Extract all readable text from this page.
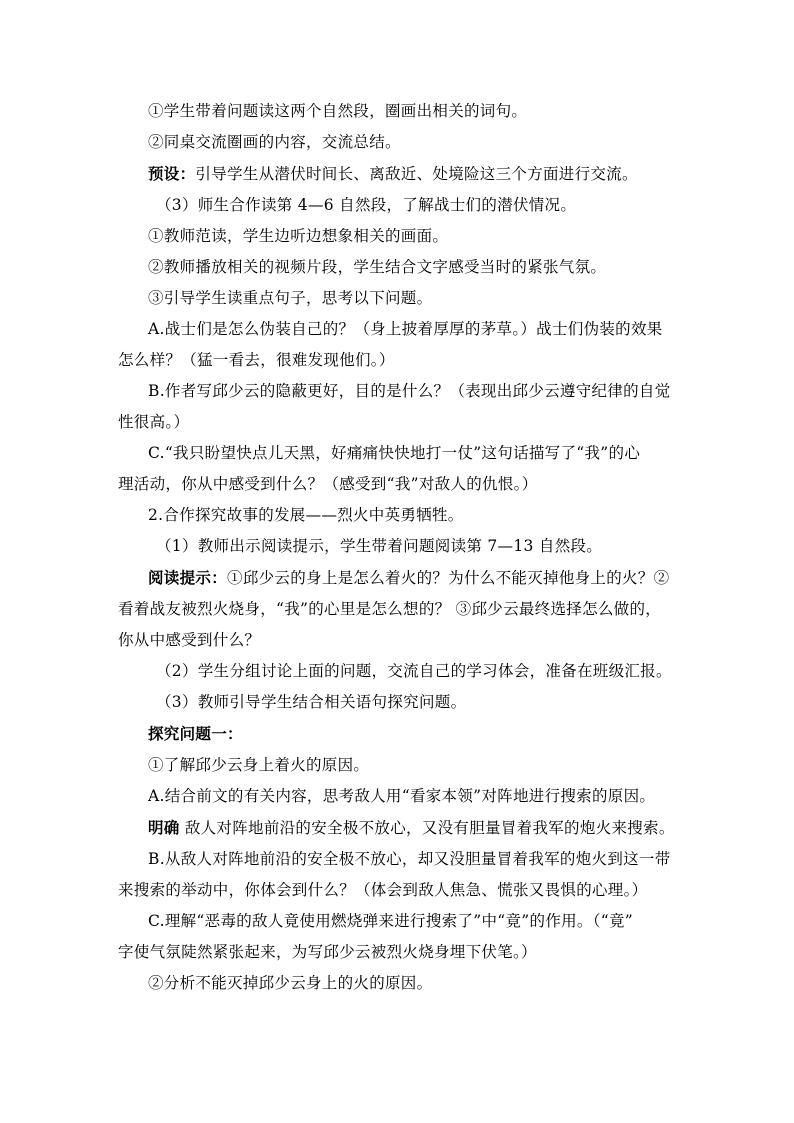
①学生带着问题读这两个自然段，圈画出相关的词句。

②同桌交流圈画的内容，交流总结。

预设：引导学生从潜伏时间长、离敌近、处境险这三个方面进行交流。

（3）师生合作读第 4—6 自然段，了解战士们的潜伏情况。

①教师范读，学生边听边想象相关的画面。

②教师播放相关的视频片段，学生结合文字感受当时的紧张气氛。

③引导学生读重点句子，思考以下问题。

A.战士们是怎么伪装自己的？（身上披着厚厚的茅草。）战士们伪装的效果

怎么样？（猛一看去，很难发现他们。）

B.作者写邱少云的隐蔽更好，目的是什么？（表现出邱少云遵守纪律的自觉

性很高。）

C.“我只盼望快点儿天黑，好痛痛快快地打一仗”这句话描写了“我”的心

理活动，你从中感受到什么？（感受到“我”对敌人的仇恨。）

2.合作探究故事的发展——烈火中英勇牺牲。

（1）教师出示阅读提示，学生带着问题阅读第 7—13 自然段。

阅读提示：①邱少云的身上是怎么着火的？为什么不能灭掉他身上的火？②

看着战友被烈火烧身，“我”的心里是怎么想的？ ③邱少云最终选择怎么做的，

你从中感受到什么？

（2）学生分组讨论上面的问题，交流自己的学习体会，准备在班级汇报。

（3）教师引导学生结合相关语句探究问题。

探究问题一：

①了解邱少云身上着火的原因。

A.结合前文的有关内容，思考敌人用“看家本领”对阵地进行搜索的原因。

明确 敌人对阵地前沿的安全极不放心，又没有胆量冒着我军的炮火来搜索。

B.从敌人对阵地前沿的安全极不放心，却又没胆量冒着我军的炮火到这一带

来搜索的举动中，你体会到什么？（体会到敌人焦急、慌张又畏惧的心理。）

C.理解“恶毒的敌人竟使用燃烧弹来进行搜索了”中“竟”的作用。（“竟”

字使气氛陡然紧张起来，为写邱少云被烈火烧身埋下伏笔。）

②分析不能灭掉邱少云身上的火的原因。
